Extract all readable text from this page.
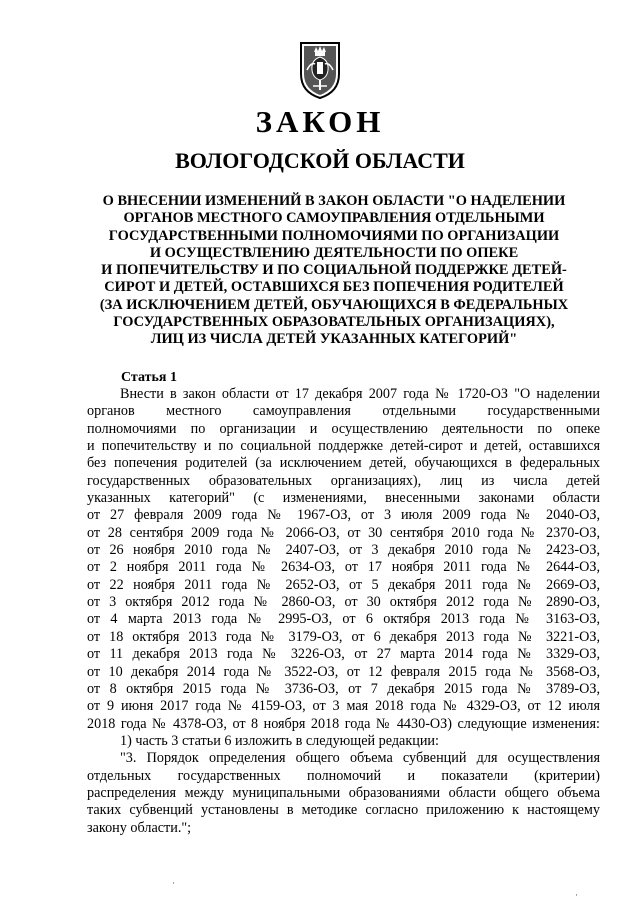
ЗАКОН
ВОЛОГОДСКОЙ ОБЛАСТИ
О ВНЕСЕНИИ ИЗМЕНЕНИЙ В ЗАКОН ОБЛАСТИ "О НАДЕЛЕНИИ
ОРГАНОВ МЕСТНОГО САМОУПРАВЛЕНИЯ ОТДЕЛЬНЫМИ
ГОСУДАРСТВЕННЫМИ ПОЛНОМОЧИЯМИ ПО ОРГАНИЗАЦИИ
И ОСУЩЕСТВЛЕНИЮ ДЕЯТЕЛЬНОСТИ ПО ОПЕКЕ
И ПОПЕЧИТЕЛЬСТВУ И ПО СОЦИАЛЬНОЙ ПОДДЕРЖКЕ ДЕТЕЙ-
СИРОТ И ДЕТЕЙ, ОСТАВШИХСЯ БЕЗ ПОПЕЧЕНИЯ РОДИТЕЛЕЙ
(ЗА ИСКЛЮЧЕНИЕМ ДЕТЕЙ, ОБУЧАЮЩИХСЯ В ФЕДЕРАЛЬНЫХ
ГОСУДАРСТВЕННЫХ ОБРАЗОВАТЕЛЬНЫХ ОРГАНИЗАЦИЯХ),
ЛИЦ ИЗ ЧИСЛА ДЕТЕЙ УКАЗАННЫХ КАТЕГОРИЙ"
Статья 1
Внести в закон области от 17 декабря 2007 года № 1720-ОЗ "О наделении
органов местного самоуправления отдельными государственными
полномочиями по организации и осуществлению деятельности по опеке
и попечительству и по социальной поддержке детей-сирот и детей, оставшихся
без попечения родителей (за исключением детей, обучающихся в федеральных
государственных образовательных организациях), лиц из числа детей
указанных категорий" (с изменениями, внесенными законами области
от 27 февраля 2009 года № 1967-ОЗ, от 3 июля 2009 года № 2040-ОЗ,
от 28 сентября 2009 года № 2066-ОЗ, от 30 сентября 2010 года № 2370-ОЗ,
от 26 ноября 2010 года № 2407-ОЗ, от 3 декабря 2010 года № 2423-ОЗ,
от 2 ноября 2011 года № 2634-ОЗ, от 17 ноября 2011 года № 2644-ОЗ,
от 22 ноября 2011 года № 2652-ОЗ, от 5 декабря 2011 года № 2669-ОЗ,
от 3 октября 2012 года № 2860-ОЗ, от 30 октября 2012 года № 2890-ОЗ,
от 4 марта 2013 года № 2995-ОЗ, от 6 октября 2013 года № 3163-ОЗ,
от 18 октября 2013 года № 3179-ОЗ, от 6 декабря 2013 года № 3221-ОЗ,
от 11 декабря 2013 года № 3226-ОЗ, от 27 марта 2014 года № 3329-ОЗ,
от 10 декабря 2014 года № 3522-ОЗ, от 12 февраля 2015 года № 3568-ОЗ,
от 8 октября 2015 года № 3736-ОЗ, от 7 декабря 2015 года № 3789-ОЗ,
от 9 июня 2017 года № 4159-ОЗ, от 3 мая 2018 года № 4329-ОЗ, от 12 июля
2018 года № 4378-ОЗ, от 8 ноября 2018 года № 4430-ОЗ) следующие изменения:
1) часть 3 статьи 6 изложить в следующей редакции:
"3. Порядок определения общего объема субвенций для осуществления
отдельных государственных полномочий и показатели (критерии)
распределения между муниципальными образованиями области общего объема
таких субвенций установлены в методике согласно приложению к настоящему
закону области.";
·
·
